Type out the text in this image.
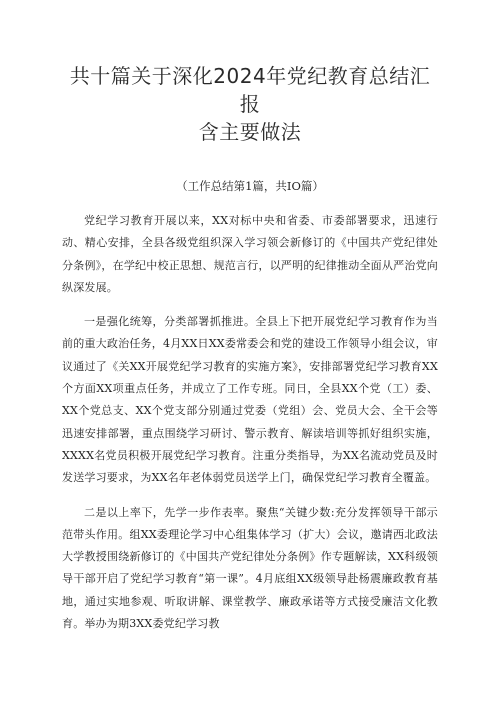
共十篇关于深化2024年党纪教育总结汇报
含主要做法

（工作总结第1篇，共IO篇）

党纪学习教育开展以来，XX对标中央和省委、市委部署要求，迅速行动、精心安排，全县各级党组织深入学习领会新修订的《中国共产党纪律处分条例》，在学纪中校正思想、规范言行，以严明的纪律推动全面从严治党向纵深发展。

一是强化统筹，分类部署抓推进。全县上下把开展党纪学习教育作为当前的重大政治任务，4月XX日XX委常委会和党的建设工作领导小组会议，审议通过了《关XX开展党纪学习教育的实施方案》，安排部署党纪学习教育XX个方面XX项重点任务，并成立了工作专班。同日，全县XX个党（工）委、XX个党总支、XX个党支部分别通过党委（党组）会、党员大会、全干会等迅速安排部署，重点围绕学习研讨、警示教育、解读培训等抓好组织实施，XXXX名党员积极开展党纪学习教育。注重分类指导，为XX名流动党员及时发送学习要求，为XX名年老体弱党员送学上门，确保党纪学习教育全覆盖。

二是以上率下，先学一步作表率。聚焦“关键少数:充分发挥领导干部示范带头作用。组XX委理论学习中心组集体学习（扩大）会议，邀请西北政法大学教授围绕新修订的《中国共产党纪律处分条例》作专题解读，XX科级领导干部开启了党纪学习教育“第一课”。4月底组XX级领导赴杨震廉政教育基地，通过实地参观、听取讲解、课堂教学、廉政承诺等方式接受廉洁文化教育。举办为期3XX委党纪学习教
